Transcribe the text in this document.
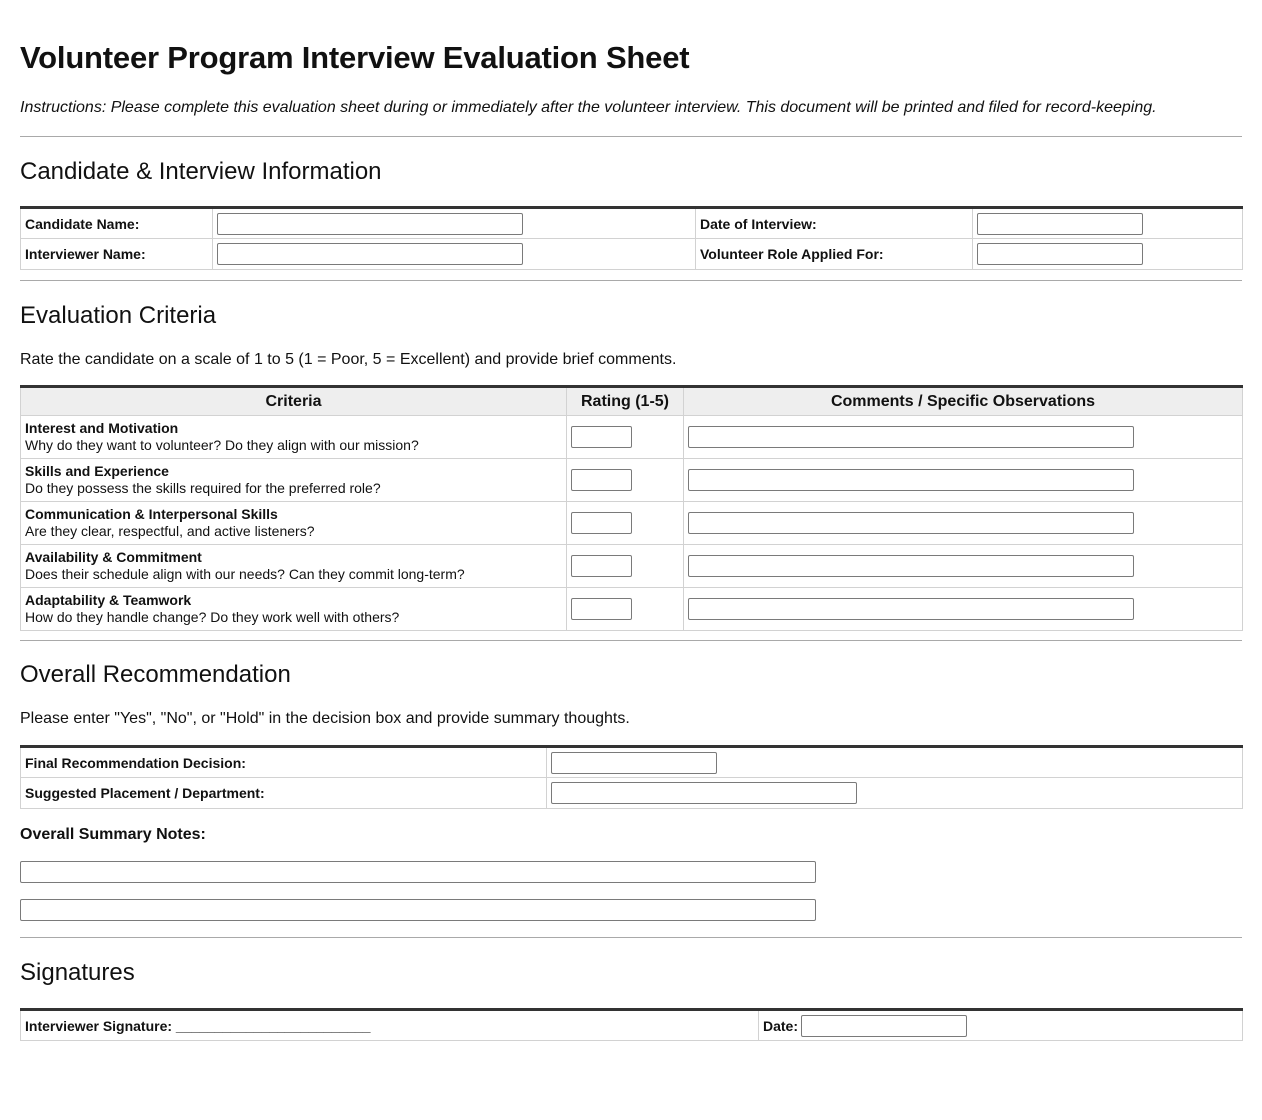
Volunteer Program Interview Evaluation Sheet
Instructions: Please complete this evaluation sheet during or immediately after the volunteer interview. This document will be printed and filed for record-keeping.
Candidate & Interview Information
Candidate Name:		Date of Interview:	

Interviewer Name:		Volunteer Role Applied For:	
Evaluation Criteria
Rate the candidate on a scale of 1 to 5 (1 = Poor, 5 = Excellent) and provide brief comments.
Criteria	Rating (1-5)	Comments / Specific Observations

Interest and Motivation
Why do they want to volunteer? Do they align with our mission?

Skills and Experience
Do they possess the skills required for the preferred role?

Communication & Interpersonal Skills
Are they clear, respectful, and active listeners?

Availability & Commitment
Does their schedule align with our needs? Can they commit long-term?

Adaptability & Teamwork
How do they handle change? Do they work well with others?

Overall Recommendation
Please enter "Yes", "No", or "Hold" in the decision box and provide summary thoughts.
Final Recommendation Decision:	

Suggested Placement / Department:	
Overall Summary Notes:
Signatures
Interviewer Signature: _________________________	Date:
